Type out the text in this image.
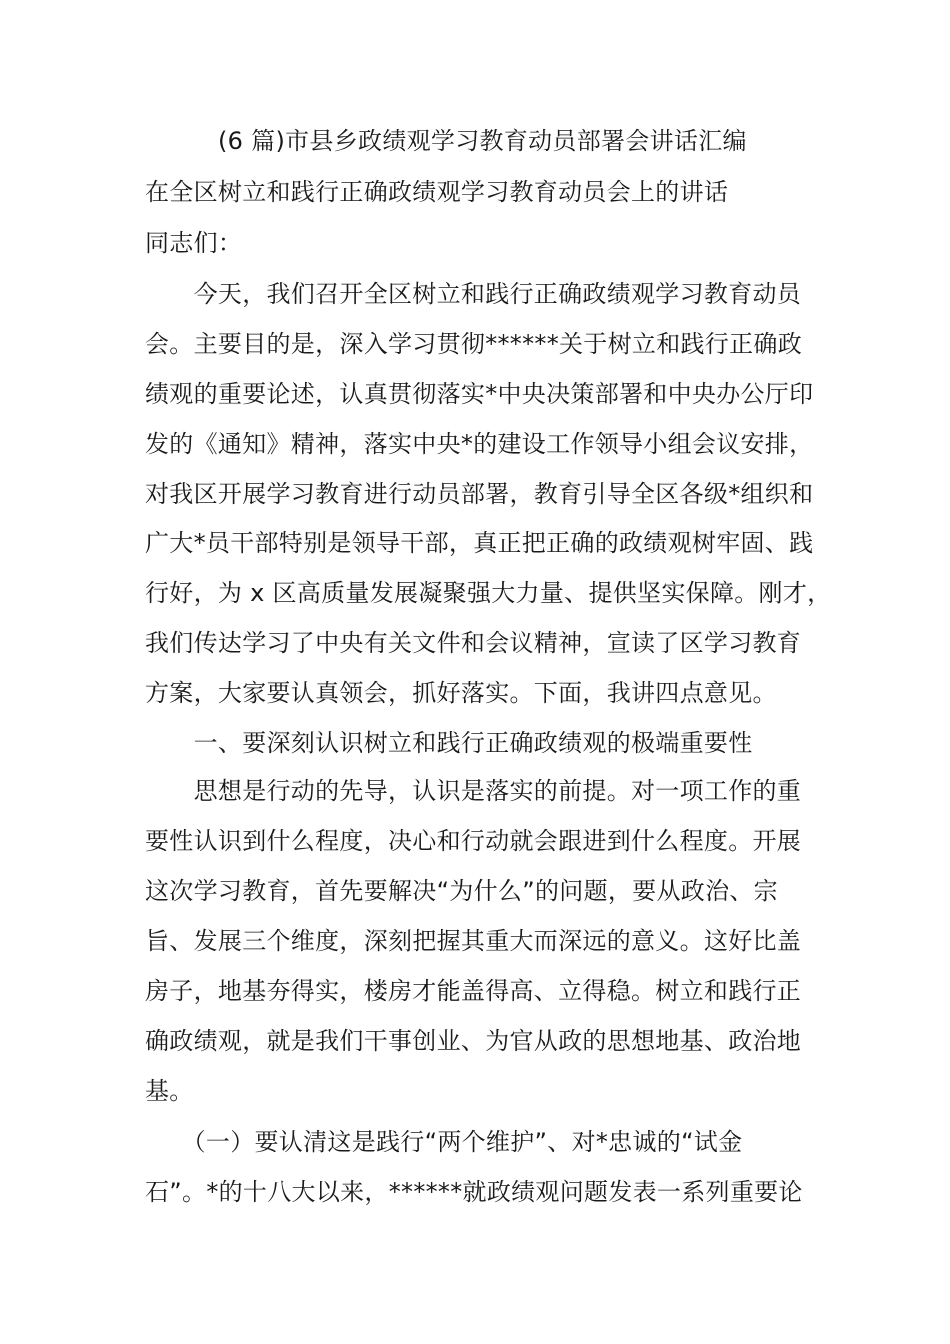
(6 篇)市县乡政绩观学习教育动员部署会讲话汇编
在全区树立和践行正确政绩观学习教育动员会上的讲话
同志们：
　　今天，我们召开全区树立和践行正确政绩观学习教育动员
会。主要目的是，深入学习贯彻******关于树立和践行正确政
绩观的重要论述，认真贯彻落实*中央决策部署和中央办公厅印
发的《通知》精神，落实中央*的建设工作领导小组会议安排，
对我区开展学习教育进行动员部署，教育引导全区各级*组织和
广大*员干部特别是领导干部，真正把正确的政绩观树牢固、践
行好，为 x 区高质量发展凝聚强大力量、提供坚实保障。刚才，
我们传达学习了中央有关文件和会议精神，宣读了区学习教育
方案，大家要认真领会，抓好落实。下面，我讲四点意见。
　　一、要深刻认识树立和践行正确政绩观的极端重要性
　　思想是行动的先导，认识是落实的前提。对一项工作的重
要性认识到什么程度，决心和行动就会跟进到什么程度。开展
这次学习教育，首先要解决“为什么”的问题，要从政治、宗
旨、发展三个维度，深刻把握其重大而深远的意义。这好比盖
房子，地基夯得实，楼房才能盖得高、立得稳。树立和践行正
确政绩观，就是我们干事创业、为官从政的思想地基、政治地
基。
　　（一）要认清这是践行“两个维护”、对*忠诚的“试金
石”。*的十八大以来，******就政绩观问题发表一系列重要论
